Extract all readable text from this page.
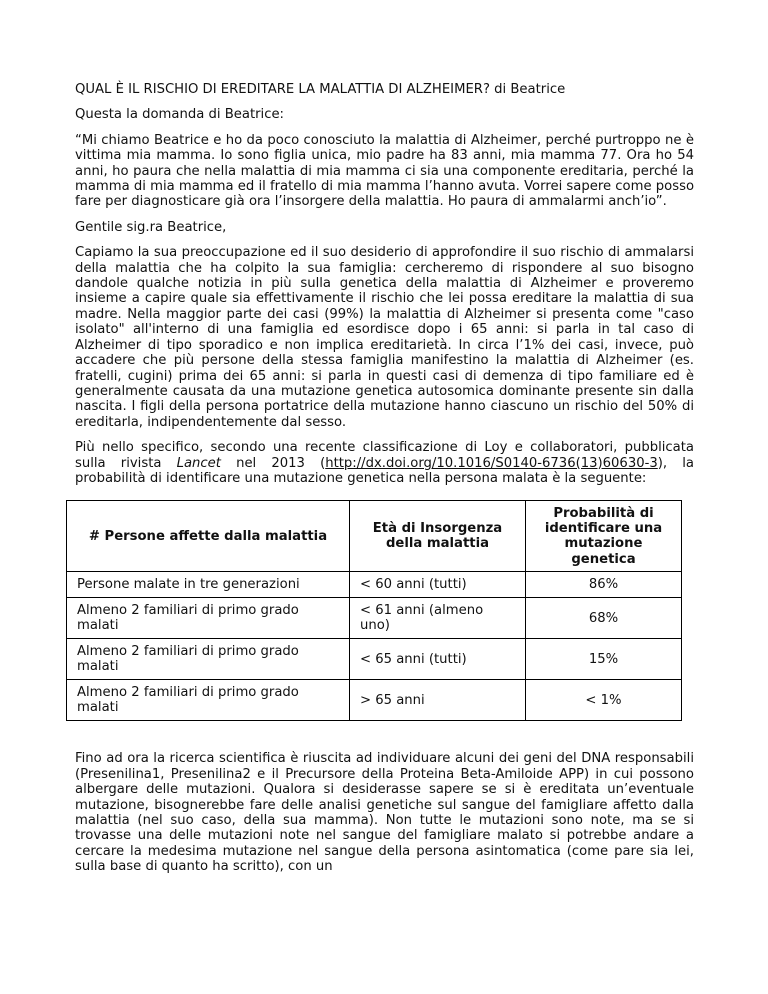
QUAL È IL RISCHIO DI EREDITARE LA MALATTIA DI ALZHEIMER? di Beatrice

Questa la domanda di Beatrice:

“Mi chiamo Beatrice e ho da poco conosciuto la malattia di Alzheimer, perché purtroppo ne è vittima mia mamma. Io sono figlia unica, mio padre ha 83 anni, mia mamma 77. Ora ho 54 anni, ho paura che nella malattia di mia mamma ci sia una componente ereditaria, perché la mamma di mia mamma ed il fratello di mia mamma l’hanno avuta. Vorrei sapere come posso fare per diagnosticare già ora l’insorgere della malattia. Ho paura di ammalarmi anch’io”.

Gentile sig.ra Beatrice,

Capiamo la sua preoccupazione ed il suo desiderio di approfondire il suo rischio di ammalarsi della malattia che ha colpito la sua famiglia: cercheremo di rispondere al suo bisogno dandole qualche notizia in più sulla genetica della malattia di Alzheimer e proveremo insieme a capire quale sia effettivamente il rischio che lei possa ereditare la malattia di sua madre. Nella maggior parte dei casi (99%) la malattia di Alzheimer si presenta come "caso isolato" all'interno di una famiglia ed esordisce dopo i 65 anni: si parla in tal caso di Alzheimer di tipo sporadico e non implica ereditarietà. In circa l’1% dei casi, invece, può accadere che più persone della stessa famiglia manifestino la malattia di Alzheimer (es. fratelli, cugini) prima dei 65 anni: si parla in questi casi di demenza di tipo familiare ed è generalmente causata da una mutazione genetica autosomica dominante presente sin dalla nascita. I figli della persona portatrice della mutazione hanno ciascuno un rischio del 50% di ereditarla, indipendentemente dal sesso.

Più nello specifico, secondo una recente classificazione di Loy e collaboratori, pubblicata sulla rivista Lancet nel 2013 (http://dx.doi.org/10.1016/S0140-6736(13)60630-3), la probabilità di identificare una mutazione genetica nella persona malata è la seguente:

# Persone affette dalla malattia	Età di Insorgenza della malattia	Probabilità di identificare una mutazione genetica
Persone malate in tre generazioni	< 60 anni (tutti)	86%
Almeno 2 familiari di primo grado malati	< 61 anni (almeno uno)	68%
Almeno 2 familiari di primo grado malati	< 65 anni (tutti)	15%
Almeno 2 familiari di primo grado malati	> 65 anni	< 1%

Fino ad ora la ricerca scientifica è riuscita ad individuare alcuni dei geni del DNA responsabili (Presenilina1, Presenilina2 e il Precursore della Proteina Beta-Amiloide APP) in cui possono albergare delle mutazioni. Qualora si desiderasse sapere se si è ereditata un’eventuale mutazione, bisognerebbe fare delle analisi genetiche sul sangue del famigliare affetto dalla malattia (nel suo caso, della sua mamma). Non tutte le mutazioni sono note, ma se si trovasse una delle mutazioni note nel sangue del famigliare malato si potrebbe andare a cercare la medesima mutazione nel sangue della persona asintomatica (come pare sia lei, sulla base di quanto ha scritto), con un
